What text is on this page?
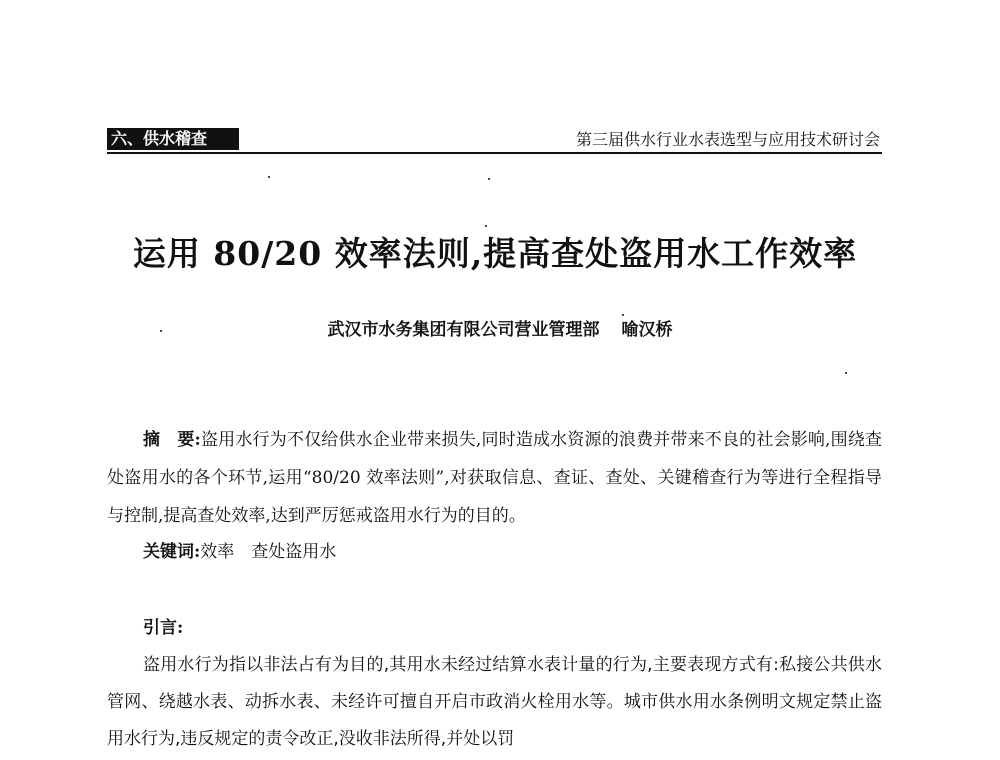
六、供水稽查	第三届供水行业水表选型与应用技术研讨会
运用 80/20 效率法则,提高查处盗用水工作效率
武汉市水务集团有限公司营业管理部 喻汉桥

摘　要:盗用水行为不仅给供水企业带来损失,同时造成水资源的浪费并带来不良的社会影响,围绕查处盗用水的各个环节,运用“80/20 效率法则”,对获取信息、查证、查处、关键稽查行为等进行全程指导与控制,提高查处效率,达到严厉惩戒盗用水行为的目的。

关键词:效率　查处盗用水

引言:

盗用水行为指以非法占有为目的,其用水未经过结算水表计量的行为,主要表现方式有:私接公共供水管网、绕越水表、动拆水表、未经许可擅自开启市政消火栓用水等。城市供水用水条例明文规定禁止盗用水行为,违反规定的责令改正,没收非法所得,并处以罚
